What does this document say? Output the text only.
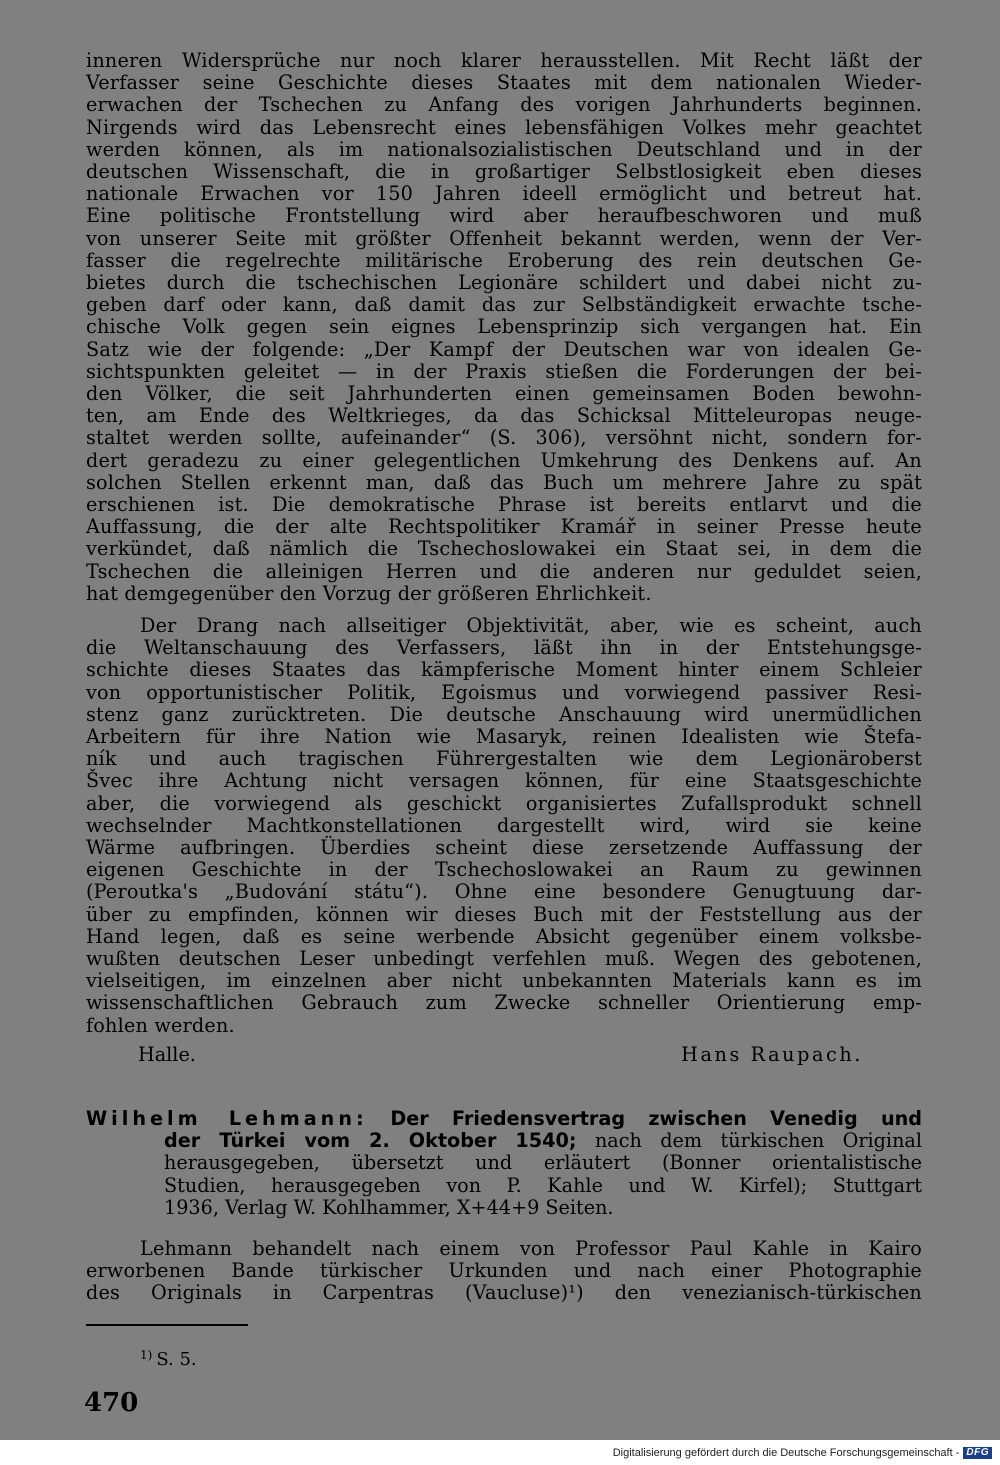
inneren Widersprüche nur noch klarer herausstellen. Mit Recht läßt der
Verfasser seine Geschichte dieses Staates mit dem nationalen Wieder-
erwachen der Tschechen zu Anfang des vorigen Jahrhunderts beginnen.
Nirgends wird das Lebensrecht eines lebensfähigen Volkes mehr geachtet
werden können, als im nationalsozialistischen Deutschland und in der
deutschen Wissenschaft, die in großartiger Selbstlosigkeit eben dieses
nationale Erwachen vor 150 Jahren ideell ermöglicht und betreut hat.
Eine politische Frontstellung wird aber heraufbeschworen und muß
von unserer Seite mit größter Offenheit bekannt werden, wenn der Ver-
fasser die regelrechte militärische Eroberung des rein deutschen Ge-
bietes durch die tschechischen Legionäre schildert und dabei nicht zu-
geben darf oder kann, daß damit das zur Selbständigkeit erwachte tsche-
chische Volk gegen sein eignes Lebensprinzip sich vergangen hat. Ein
Satz wie der folgende: „Der Kampf der Deutschen war von idealen Ge-
sichtspunkten geleitet — in der Praxis stießen die Forderungen der bei-
den Völker, die seit Jahrhunderten einen gemeinsamen Boden bewohn-
ten, am Ende des Weltkrieges, da das Schicksal Mitteleuropas neuge-
staltet werden sollte, aufeinander“ (S. 306), versöhnt nicht, sondern for-
dert geradezu zu einer gelegentlichen Umkehrung des Denkens auf. An
solchen Stellen erkennt man, daß das Buch um mehrere Jahre zu spät
erschienen ist. Die demokratische Phrase ist bereits entlarvt und die
Auffassung, die der alte Rechtspolitiker Kramář in seiner Presse heute
verkündet, daß nämlich die Tschechoslowakei ein Staat sei, in dem die
Tschechen die alleinigen Herren und die anderen nur geduldet seien,
hat demgegenüber den Vorzug der größeren Ehrlichkeit.
Der Drang nach allseitiger Objektivität, aber, wie es scheint, auch
die Weltanschauung des Verfassers, läßt ihn in der Entstehungsge-
schichte dieses Staates das kämpferische Moment hinter einem Schleier
von opportunistischer Politik, Egoismus und vorwiegend passiver Resi-
stenz ganz zurücktreten. Die deutsche Anschauung wird unermüdlichen
Arbeitern für ihre Nation wie Masaryk, reinen Idealisten wie Štefa-
ník und auch tragischen Führergestalten wie dem Legionäroberst
Švec ihre Achtung nicht versagen können, für eine Staatsgeschichte
aber, die vorwiegend als geschickt organisiertes Zufallsprodukt schnell
wechselnder Machtkonstellationen dargestellt wird, wird sie keine
Wärme aufbringen. Überdies scheint diese zersetzende Auffassung der
eigenen Geschichte in der Tschechoslowakei an Raum zu gewinnen
(Peroutka's „Budování státu“). Ohne eine besondere Genugtuung dar-
über zu empfinden, können wir dieses Buch mit der Feststellung aus der
Hand legen, daß es seine werbende Absicht gegenüber einem volksbe-
wußten deutschen Leser unbedingt verfehlen muß. Wegen des gebotenen,
vielseitigen, im einzelnen aber nicht unbekannten Materials kann es im
wissenschaftlichen Gebrauch zum Zwecke schneller Orientierung emp-
fohlen werden.
Halle.	Hans Raupach.
Wilhelm Lehmann: Der Friedensvertrag zwischen Venedig und
der Türkei vom 2. Oktober 1540; nach dem türkischen Original
herausgegeben, übersetzt und erläutert (Bonner orientalistische
Studien, herausgegeben von P. Kahle und W. Kirfel); Stuttgart
1936, Verlag W. Kohlhammer, X+44+9 Seiten.
Lehmann behandelt nach einem von Professor Paul Kahle in Kairo
erworbenen Bande türkischer Urkunden und nach einer Photographie
des Originals in Carpentras (Vaucluse)¹) den venezianisch-türkischen
$^{1)}$ S. 5.
470
Digitalisierung gefördert durch die Deutsche Forschungsgemeinschaft - DFG
